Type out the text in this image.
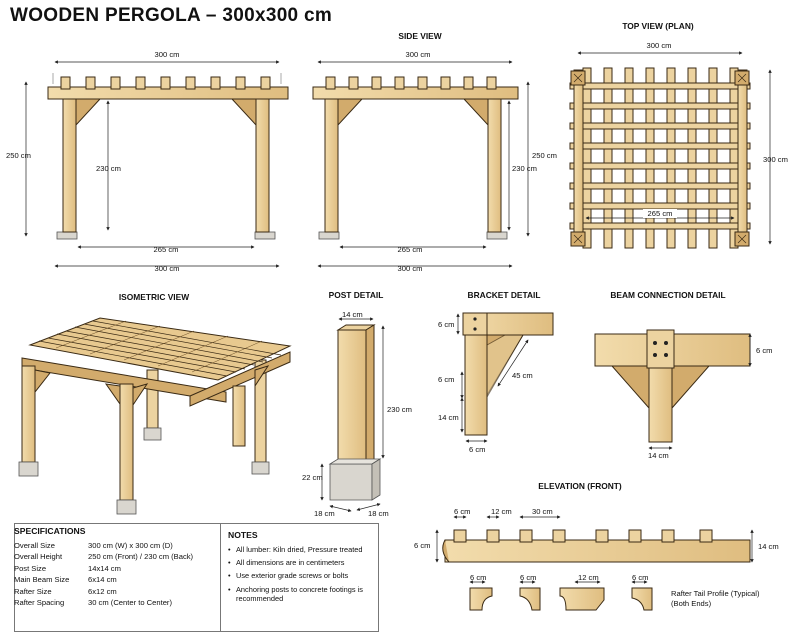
300 cm
250 cm
230 cm
265 cm
300 cm
SIDE VIEW
300 cm
250 cm
230 cm
265 cm
300 cm
TOP VIEW (PLAN)
300 cm
300 cm
265 cm
ISOMETRIC VIEW	POST DETAIL
14 cm
230 cm
22 cm
18 cm	18 cm
BRACKET DETAIL
6 cm
6 cm
14 cm
6 cm
45 cm
BEAM CONNECTION DETAIL
6 cm
14 cm
ELEVATION (FRONT)
6 cm	12 cm	30 cm
6 cm	14 cm
6 cm	6 cm	12 cm	6 cm
Rafter Tail Profile (Typical)
(Both Ends)
WOODEN PERGOLA – 300x300 cm
SPECIFICATIONS
Overall Size	300 cm (W) x 300 cm (D)
Overall Height	250 cm (Front) / 230 cm (Back)
Post Size	14x14 cm
Main Beam Size	6x14 cm
Rafter Size	6x12 cm
Rafter Spacing	30 cm (Center to Center)
NOTES
• All lumber: Kiln dried, Pressure treated
• All dimensions are in centimeters
• Use exterior grade screws or bolts
• Anchoring posts to concrete footings is recommended
